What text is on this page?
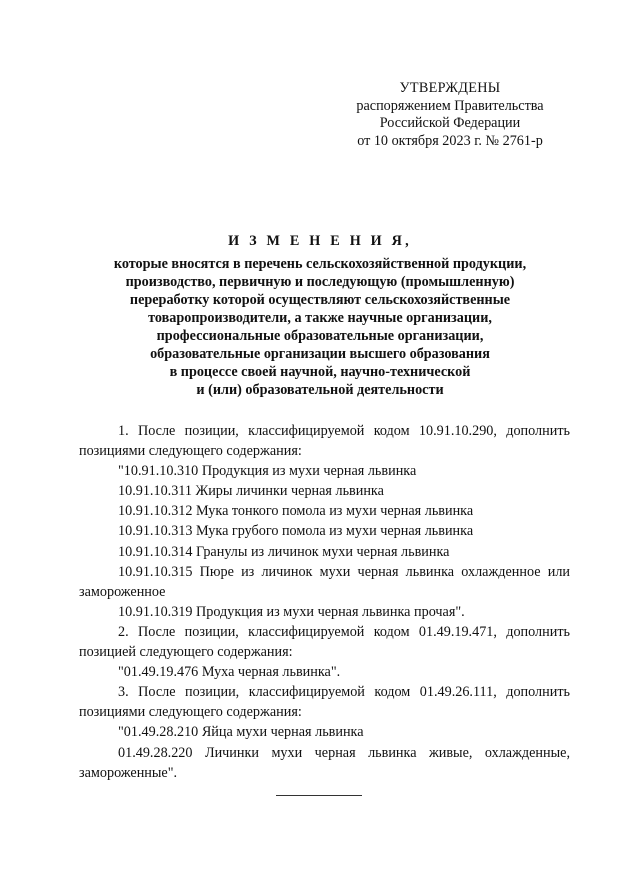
УТВЕРЖДЕНЫ
распоряжением Правительства
Российской Федерации
от 10 октября 2023 г. № 2761-р
И З М Е Н Е Н И Я,
которые вносятся в перечень сельскохозяйственной продукции,
производство, первичную и последующую (промышленную)
переработку которой осуществляют сельскохозяйственные
товаропроизводители, а также научные организации,
профессиональные образовательные организации,
образовательные организации высшего образования
в процессе своей научной, научно-технической
и (или) образовательной деятельности

1. После позиции, классифицируемой кодом 10.91.10.290, дополнить позициями следующего содержания:

"10.91.10.310 Продукция из мухи черная львинка

10.91.10.311 Жиры личинки черная львинка

10.91.10.312 Мука тонкого помола из мухи черная львинка

10.91.10.313 Мука грубого помола из мухи черная львинка

10.91.10.314 Гранулы из личинок мухи черная львинка

10.91.10.315 Пюре из личинок мухи черная львинка охлажденное или замороженное

10.91.10.319 Продукция из мухи черная львинка прочая".

2. После позиции, классифицируемой кодом 01.49.19.471, дополнить позицией следующего содержания:

"01.49.19.476 Муха черная львинка".

3. После позиции, классифицируемой кодом 01.49.26.111, дополнить позициями следующего содержания:

"01.49.28.210 Яйца мухи черная львинка

01.49.28.220 Личинки мухи черная львинка живые, охлажденные, замороженные".
